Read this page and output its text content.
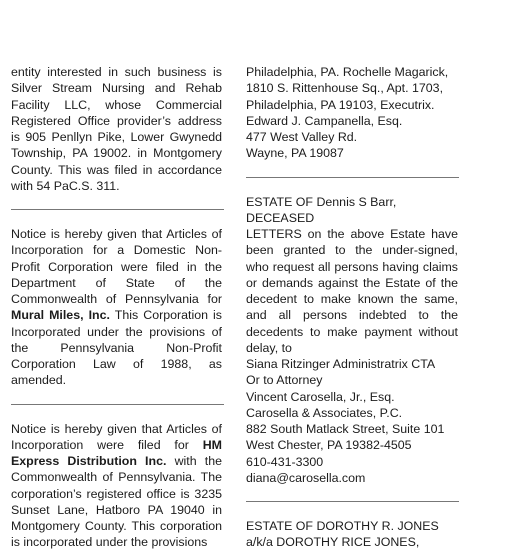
entity interested in such business is Silver Stream Nursing and Rehab Facility LLC, whose Commercial Registered Office provider’s address is 905 Penllyn Pike, Lower Gwynedd Township, PA 19002. in Montgomery County. This was filed in accordance with 54 PaC.S. 311.

Notice is hereby given that Articles of Incorporation for a Domestic Non-Profit Corporation were filed in the Department of State of the Commonwealth of Pennsylvania for Mural Miles, Inc. This Corporation is Incorporated under the provisions of the Pennsylvania Non-Profit Corporation Law of 1988, as amended.

Notice is hereby given that Articles of Incorporation were filed for HM Express Distribution Inc. with the Commonwealth of Pennsylvania. The corporation’s registered office is 3235 Sunset Lane, Hatboro PA 19040 in Montgomery County. This corporation is incorporated under the provisions

Philadelphia, PA. Rochelle Magarick,
1810 S. Rittenhouse Sq., Apt. 1703,
Philadelphia, PA 19103, Executrix.
Edward J. Campanella, Esq.
477 West Valley Rd.
Wayne, PA 19087
ESTATE OF Dennis S Barr,
DECEASED

LETTERS on the above Estate have been granted to the under-signed, who request all persons having claims or demands against the Estate of the decedent to make known the same, and all persons indebted to the decedents to make payment without delay, to

Siana Ritzinger Administratrix CTA
Or to Attorney
Vincent Carosella, Jr., Esq.
Carosella & Associates, P.C.
882 South Matlack Street, Suite 101
West Chester, PA 19382-4505
610-431-3300
diana@carosella.com
ESTATE OF DOROTHY R. JONES
a/k/a DOROTHY RICE JONES,
